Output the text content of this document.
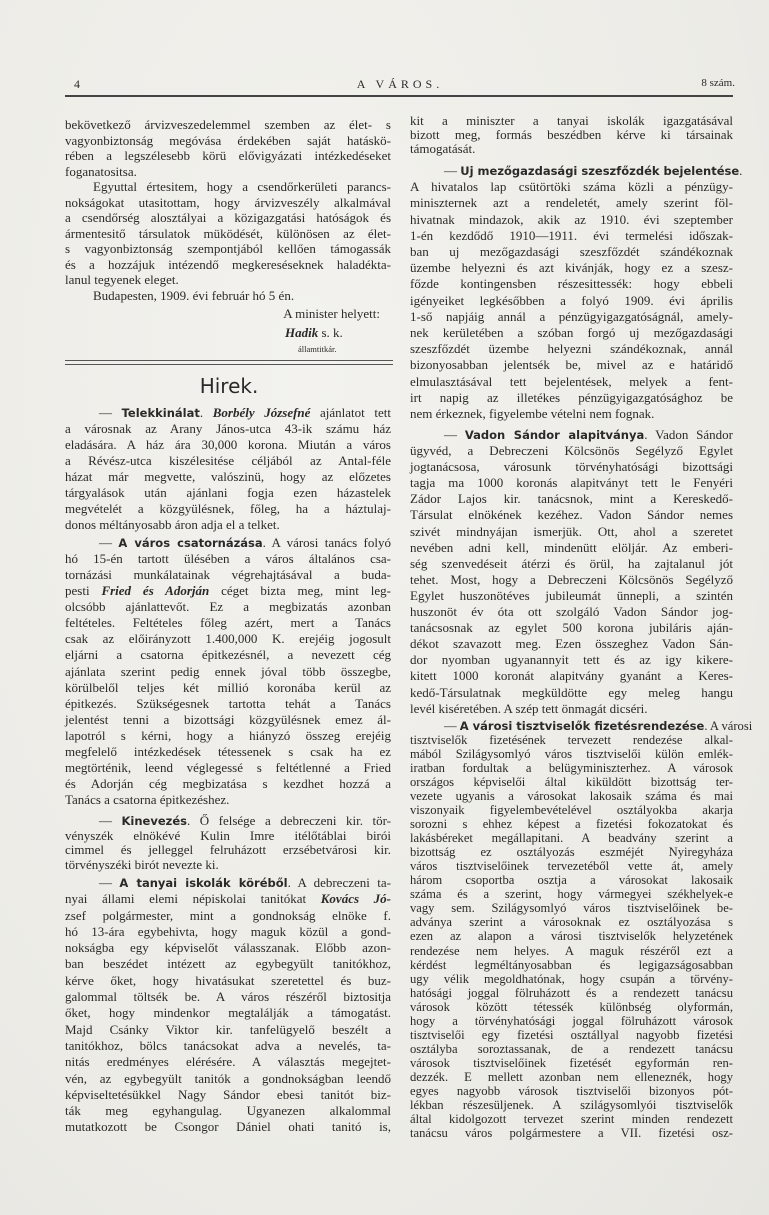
4	A VÁROS.	8 szám.
bekövetkező árvizveszedelemmel szemben az élet- s
vagyonbiztonság megóvása érdekében saját hatáskö-
rében a legszélesebb körü elővigyázati intézkedéseket
foganatositsa.
Egyuttal értesitem, hogy a csendőrkerületi parancs-
nokságokat utasitottam, hogy árvizveszély alkalmával
a csendőrség alosztályai a közigazgatási hatóságok és
ármentesitő társulatok müködését, különösen az élet-
s vagyonbiztonság szempontjából kellően támogassák
és a hozzájuk intézendő megkereséseknek haladékta-
lanul tegyenek eleget.
Budapesten, 1909. évi február hó 5 én.
A minister helyett:
Hadik s. k.
államtitkár.
Hirek.
— Telekkinálat. Borbély Józsefné ajánlatot tett
a városnak az Arany János-utca 43-ik számu ház
eladására. A ház ára 30,000 korona. Miután a város
a Révész-utca kiszélesitése céljából az Antal-féle
házat már megvette, valószinü, hogy az előzetes
tárgyalások után ajánlani fogja ezen házastelek
megvételét a közgyülésnek, főleg, ha a háztulaj-
donos méltányosabb áron adja el a telket.
— A város csatornázása. A városi tanács folyó
hó 15-én tartott ülésében a város általános csa-
tornázási munkálatainak végrehajtásával a buda-
pesti Fried és Adorján céget bizta meg, mint leg-
olcsóbb ajánlattevőt. Ez a megbizatás azonban
feltételes. Feltételes főleg azért, mert a Tanács
csak az előirányzott 1.400,000 K. erejéig jogosult
eljárni a csatorna épitkezésnél, a nevezett cég
ajánlata szerint pedig ennek jóval több összegbe,
körülbelől teljes két millió koronába kerül az
épitkezés. Szükségesnek tartotta tehát a Tanács
jelentést tenni a bizottsági közgyülésnek emez ál-
lapotról s kérni, hogy a hiányzó összeg erejéig
megfelelő intézkedések tétessenek s csak ha ez
megtörténik, leend véglegessé s feltétlenné a Fried
és Adorján cég megbizatása s kezdhet hozzá a
Tanács a csatorna épitkezéshez.
— Kinevezés. Ő felsége a debreczeni kir. tör-
vényszék elnökévé Kulin Imre itélőtáblai birói
cimmel és jelleggel felruházott erzsébetvárosi kir.
törvényszéki birót nevezte ki.
— A tanyai iskolák köréből. A debreczeni ta-
nyai állami elemi népiskolai tanitókat Kovács Jó-
zsef polgármester, mint a gondnokság elnöke f.
hó 13-ára egybehivta, hogy maguk közül a gond-
nokságba egy képviselőt válasszanak. Előbb azon-
ban beszédet intézett az egybegyült tanitókhoz,
kérve őket, hogy hivatásukat szeretettel és buz-
galommal töltsék be. A város részéről biztositja
őket, hogy mindenkor megtalálják a támogatást.
Majd Csánky Viktor kir. tanfelügyelő beszélt a
tanitókhoz, bölcs tanácsokat adva a nevelés, ta-
nitás eredményes elérésére. A választás megejtet-
vén, az egybegyült tanitók a gondnokságban leendő
képviseltetésükkel Nagy Sándor ebesi tanitót biz-
ták meg egyhangulag. Ugyanezen alkalommal
mutatkozott be Csongor Dániel ohati tanitó is,
kit a miniszter a tanyai iskolák igazgatásával
bizott meg, formás beszédben kérve ki társainak
támogatását.
— Uj mezőgazdasági szeszfőzdék bejelentése.
A hivatalos lap csütörtöki száma közli a pénzügy-
miniszternek azt a rendeletét, amely szerint föl-
hivatnak mindazok, akik az 1910. évi szeptember
1-én kezdődő 1910—1911. évi termelési időszak-
ban uj mezőgazdasági szeszfőzdét szándékoznak
üzembe helyezni és azt kivánják, hogy ez a szesz-
főzde kontingensben részesittessék: hogy ebbeli
igényeiket legkésőbben a folyó 1909. évi április
1-ső napjáig annál a pénzügyigazgatóságnál, amely-
nek kerületében a szóban forgó uj mezőgazdasági
szeszfőzdét üzembe helyezni szándékoznak, annál
bizonyosabban jelentsék be, mivel az e határidő
elmulasztásával tett bejelentések, melyek a fent-
irt napig az illetékes pénzügyigazgatósághoz be
nem érkeznek, figyelembe vételni nem fognak.
— Vadon Sándor alapitványa. Vadon Sándor
ügyvéd, a Debreczeni Kölcsönös Segélyző Egylet
jogtanácsosa, városunk törvényhatósági bizottsági
tagja ma 1000 koronás alapitványt tett le Fenyéri
Zádor Lajos kir. tanácsnok, mint a Kereskedő-
Társulat elnökének kezéhez. Vadon Sándor nemes
szivét mindnyájan ismerjük. Ott, ahol a szeretet
nevében adni kell, mindenütt elöljár. Az emberi-
ség szenvedéseit átérzi és örül, ha zajtalanul jót
tehet. Most, hogy a Debreczeni Kölcsönös Segélyző
Egylet huszonötéves jubileumát ünnepli, a szintén
huszonöt év óta ott szolgáló Vadon Sándor jog-
tanácsosnak az egylet 500 korona jubiláris aján-
dékot szavazott meg. Ezen összeghez Vadon Sán-
dor nyomban ugyanannyit tett és az igy kikere-
kitett 1000 koronát alapitvány gyanánt a Keres-
kedő-Társulatnak megküldötte egy meleg hangu
levél kiséretében. A szép tett önmagát dicséri.
— A városi tisztviselők fizetésrendezése. A városi
tisztviselők fizetésének tervezett rendezése alkal-
mából Szilágysomlyó város tisztviselői külön emlék-
iratban fordultak a belügyminiszterhez. A városok
országos képviselői által kiküldött bizottság ter-
vezete ugyanis a városokat lakosaik száma és mai
viszonyaik figyelembevételével osztályokba akarja
sorozni s ehhez képest a fizetési fokozatokat és
lakásbéreket megállapitani. A beadvány szerint a
bizottság ez osztályozás eszméjét Nyiregyháza
város tisztviselőinek tervezetéből vette át, amely
három csoportba osztja a városokat lakosaik
száma és a szerint, hogy vármegyei székhelyek-e
vagy sem. Szilágysomlyó város tisztviselőinek be-
adványa szerint a városoknak ez osztályozása s
ezen az alapon a városi tisztviselők helyzetének
rendezése nem helyes. A maguk részéről ezt a
kérdést legméltányosabban és legigazságosabban
ugy vélik megoldhatónak, hogy csupán a törvény-
hatósági joggal fölruházott és a rendezett tanácsu
városok között tétessék különbség olyformán,
hogy a törvényhatósági joggal fölruházott városok
tisztviselői egy fizetési osztállyal nagyobb fizetési
osztályba soroztassanak, de a rendezett tanácsu
városok tisztviselőinek fizetését egyformán ren-
dezzék. E mellett azonban nem elleneznék, hogy
egyes nagyobb városok tisztviselői bizonyos pót-
lékban részesüljenek. A szilágysomlyói tisztviselők
által kidolgozott tervezet szerint minden rendezett
tanácsu város polgármestere a VII. fizetési osz-
